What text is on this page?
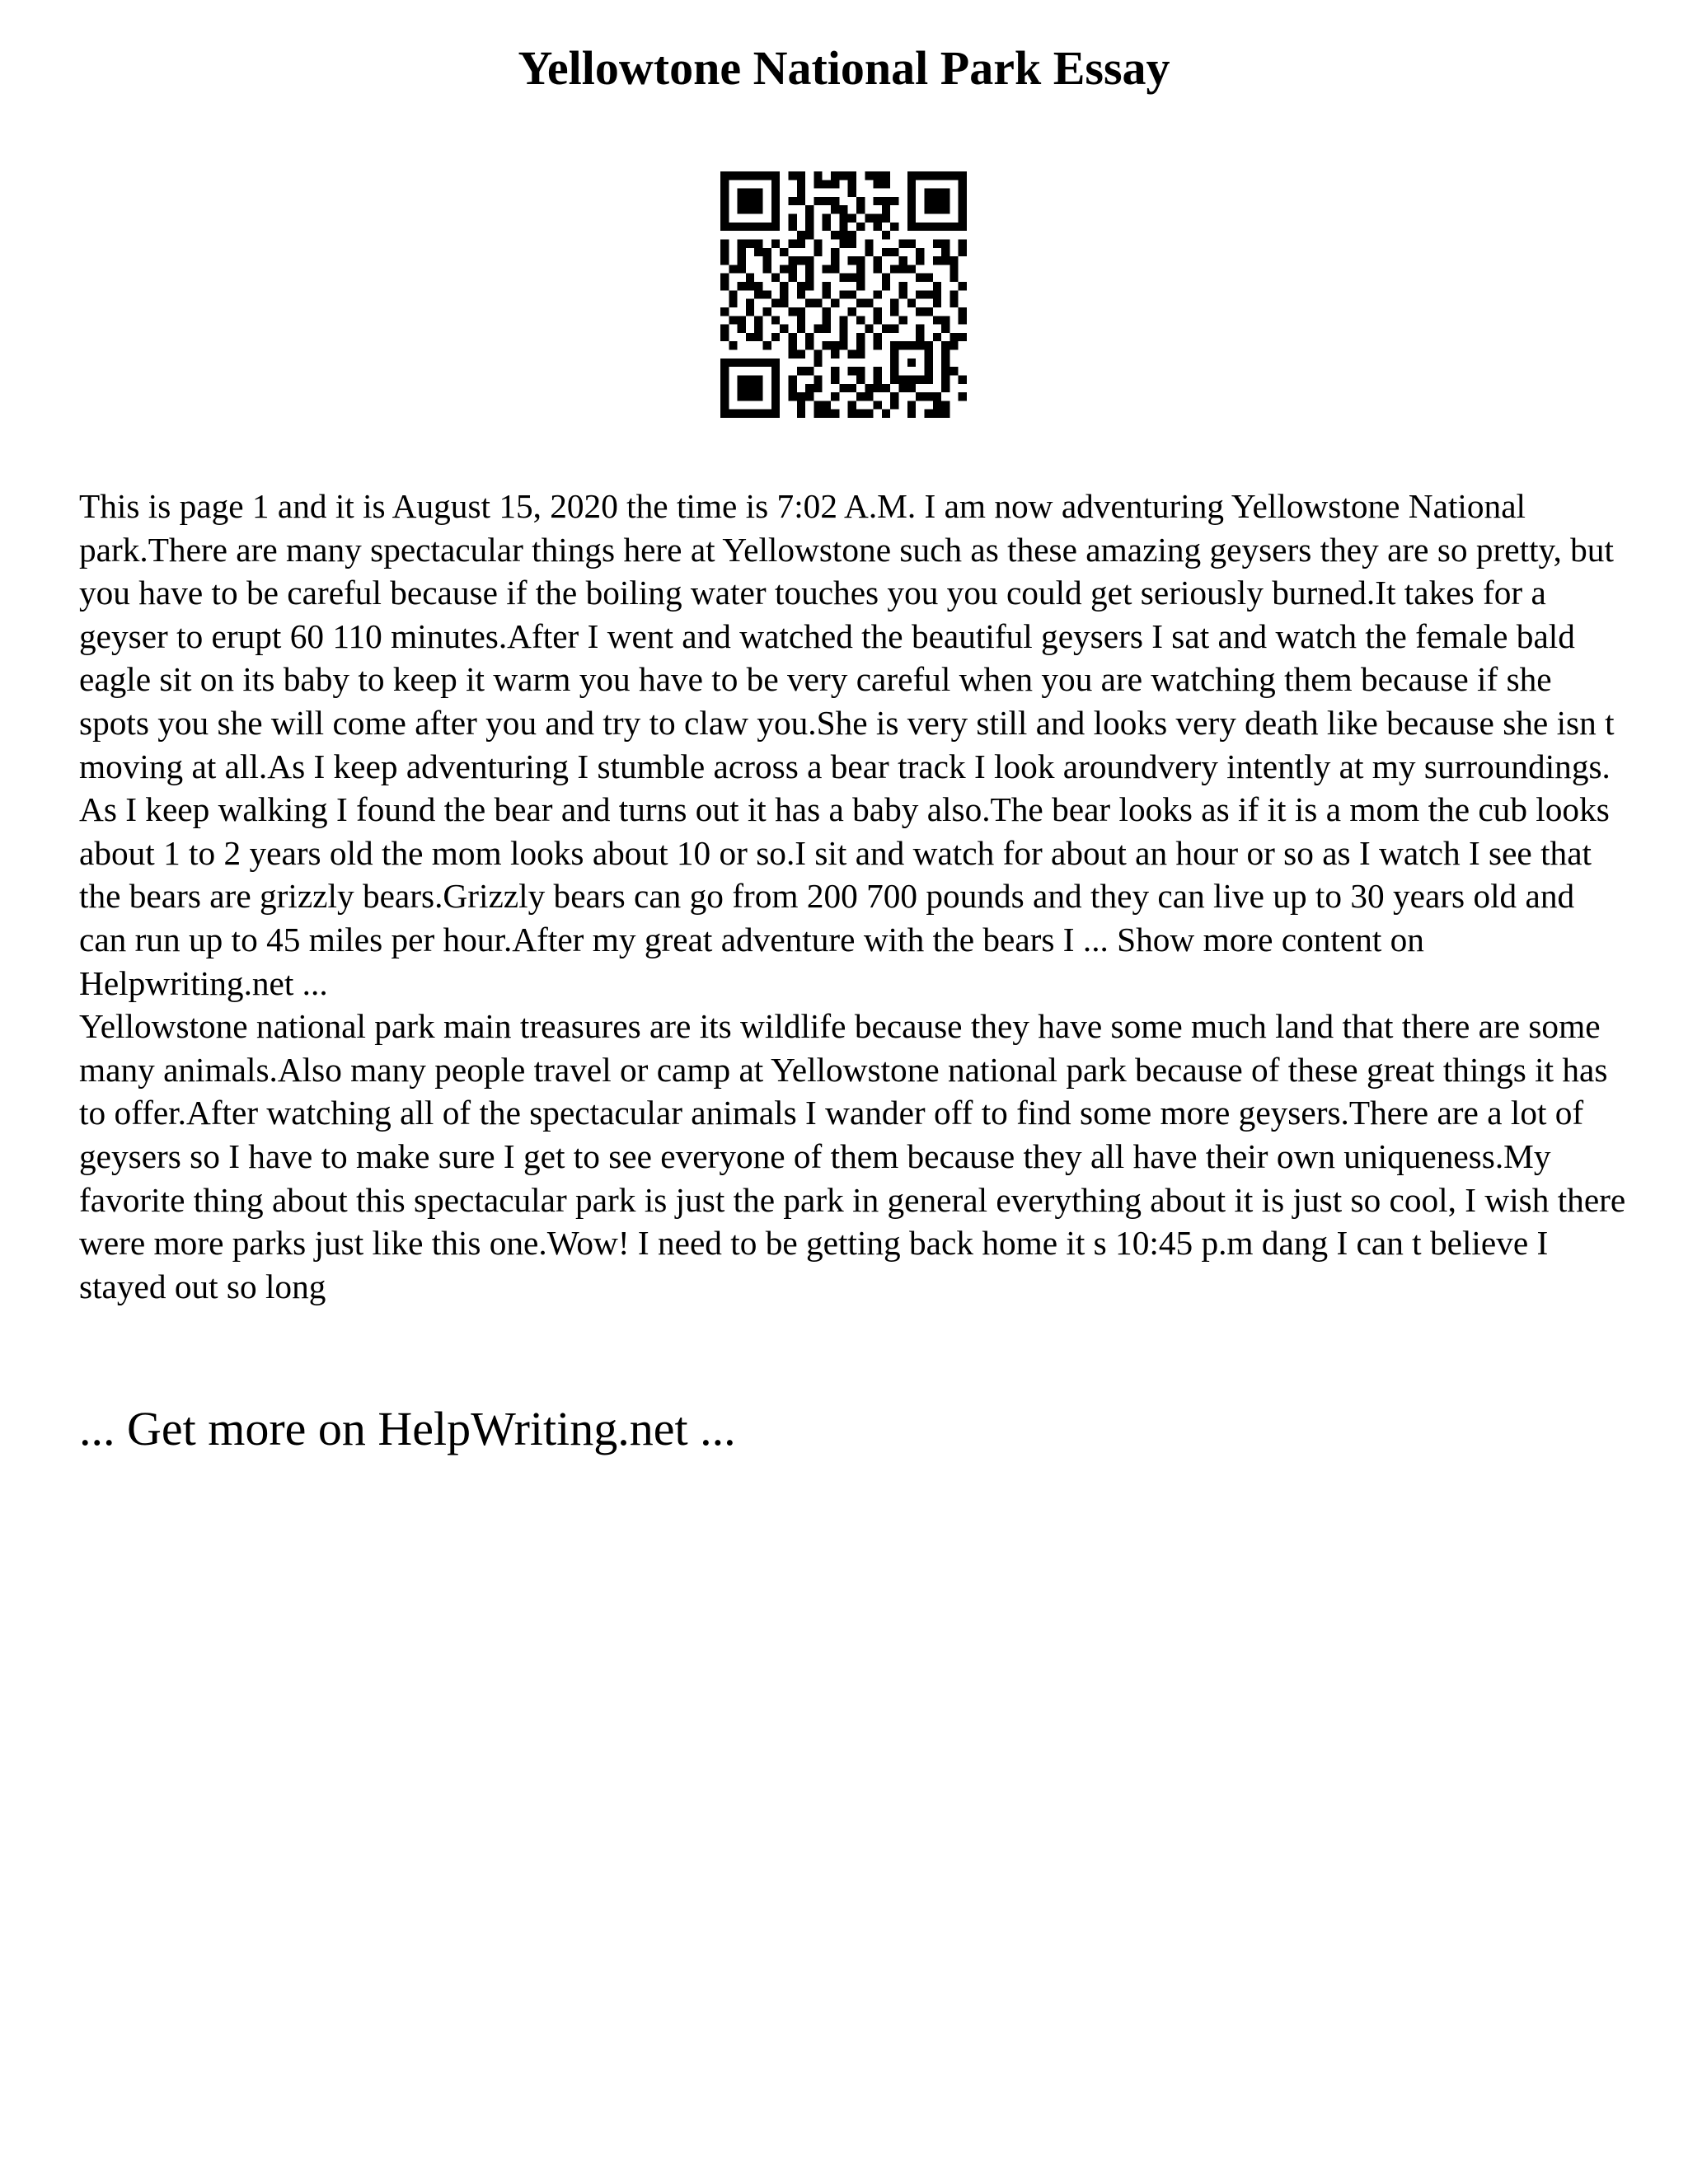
Yellowtone National Park Essay

This is page 1 and it is August 15, 2020 the time is 7:02 A.M. I am now adventuring Yellowstone National park.There are many spectacular things here at Yellowstone such as these amazing geysers they are so pretty, but you have to be careful because if the boiling water touches you you could get seriously burned.It takes for a geyser to erupt 60 110 minutes.After I went and watched the beautiful geysers I sat and watch the female bald eagle sit on its baby to keep it warm you have to be very careful when you are watching them because if she spots you she will come after you and try to claw you.She is very still and looks very death like because she isn t moving at all.As I keep adventuring I stumble across a bear track I look aroundvery intently at my surroundings. As I keep walking I found the bear and turns out it has a baby also.The bear looks as if it is a mom the cub looks about 1 to 2 years old the mom looks about 10 or so.I sit and watch for about an hour or so as I watch I see that the bears are grizzly bears.Grizzly bears can go from 200 700 pounds and they can live up to 30 years old and can run up to 45 miles per hour.After my great adventure with the bears I ... Show more content on Helpwriting.net ...

Yellowstone national park main treasures are its wildlife because they have some much land that there are some many animals.Also many people travel or camp at Yellowstone national park because of these great things it has to offer.After watching all of the spectacular animals I wander off to find some more geysers.There are a lot of geysers so I have to make sure I get to see everyone of them because they all have their own uniqueness.My favorite thing about this spectacular park is just the park in general everything about it is just so cool, I wish there were more parks just like this one.Wow! I need to be getting back home it s 10:45 p.m dang I can t believe I stayed out so long

... Get more on HelpWriting.net ...
